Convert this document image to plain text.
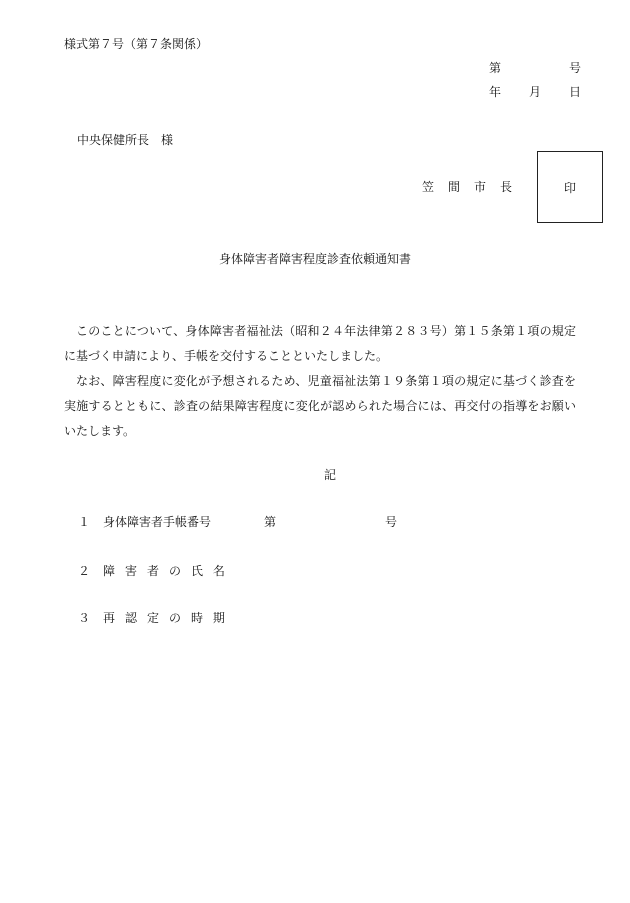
様式第７号（第７条関係）
第	号
年 月 日
中央保健所長　様
笠 間 市 長	印
身体障害者障害程度診査依頼通知書

このことについて、身体障害者福祉法（昭和２４年法律第２８３号）第１５条第１項の規定に基づく申請により、手帳を交付することといたしました。

なお、障害程度に変化が予想されるため、児童福祉法第１９条第１項の規定に基づく診査を実施するとともに、診査の結果障害程度に変化が認められた場合には、再交付の指導をお願いいたします。

記
１ 身体障害者手帳番号	第	号
２ 障 害 者 の 氏 名
３ 再 認 定 の 時 期
